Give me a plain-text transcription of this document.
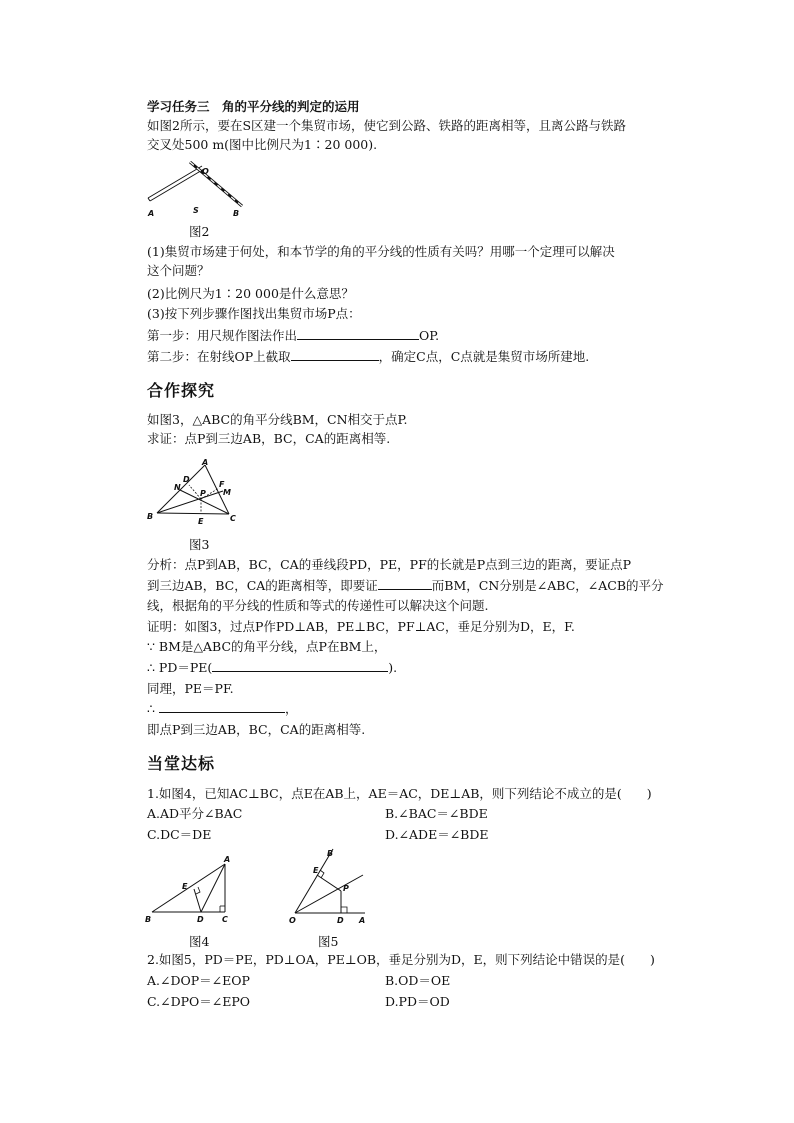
学习任务三　角的平分线的判定的运用
如图2所示，要在S区建一个集贸市场，使它到公路、铁路的距离相等，且离公路与铁路
交叉处500 m(图中比例尺为1∶20 000).
A
O
S	B
图2
(1)集贸市场建于何处，和本节学的角的平分线的性质有关吗？用哪一个定理可以解决
这个问题？
(2)比例尺为1∶20 000是什么意思？
(3)按下列步骤作图找出集贸市场P点：
第一步：用尺规作图法作出	OP.
第二步：在射线OP上截取	，确定C点，C点就是集贸市场所建地.
合作探究
如图3，△ABC的角平分线BM，CN相交于点P.
求证：点P到三边AB，BC，CA的距离相等.
A
N
D
F
P M
B
E	C
图3
分析：点P到AB，BC，CA的垂线段PD，PE，PF的长就是P点到三边的距离，要证点P
到三边AB，BC，CA的距离相等，即要证	而BM，CN分别是∠ABC，∠ACB的平分
线，根据角的平分线的性质和等式的传递性可以解决这个问题.
证明：如图3，过点P作PD⊥AB，PE⊥BC，PF⊥AC，垂足分别为D，E，F.
∵ BM是△ABC的角平分线，点P在BM上，
∴ PD＝PE(	).
同理，PE＝PF.
∴	，
即点P到三边AB，BC，CA的距离相等.
当堂达标
1.如图4，已知AC⊥BC，点E在AB上，AE＝AC，DE⊥AB，则下列结论不成立的是(　　)
A.AD平分∠BAC	B.∠BAC＝∠BDE
C.DC＝DE	D.∠ADE＝∠BDE
A
E
B	D C
图4
B
E
P
O	D A
图5
2.如图5，PD＝PE，PD⊥OA，PE⊥OB，垂足分别为D，E，则下列结论中错误的是(　　)
A.∠DOP＝∠EOP	B.OD＝OE
C.∠DPO＝∠EPO	D.PD＝OD
